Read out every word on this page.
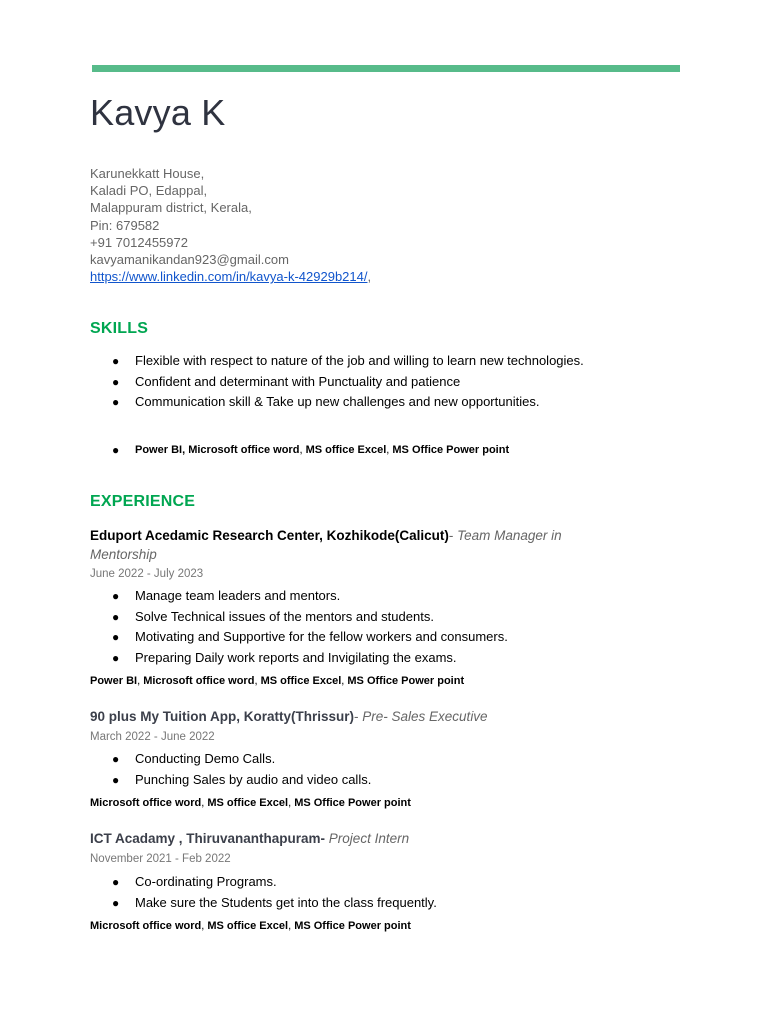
Kavya K
Karunekkatt House,
Kaladi PO, Edappal,
Malappuram district, Kerala,
Pin: 679582
+91 7012455972
kavyamanikandan923@gmail.com
https://www.linkedin.com/in/kavya-k-42929b214/,
SKILLS
● Flexible with respect to nature of the job and willing to learn new technologies.
● Confident and determinant with Punctuality and patience
● Communication skill & Take up new challenges and new opportunities.
● Power BI, Microsoft office word, MS office Excel, MS Office Power point
EXPERIENCE
Eduport Acedamic Research Center, Kozhikode(Calicut)- Team Manager in Mentorship
June 2022 - July 2023
● Manage team leaders and mentors.
● Solve Technical issues of the mentors and students.
● Motivating and Supportive for the fellow workers and consumers.
● Preparing Daily work reports and Invigilating the exams.
Power BI, Microsoft office word, MS office Excel, MS Office Power point
90 plus My Tuition App, Koratty(Thrissur)- Pre- Sales Executive
March 2022 - June 2022
● Conducting Demo Calls.
● Punching Sales by audio and video calls.
Microsoft office word, MS office Excel, MS Office Power point
ICT Acadamy , Thiruvananthapuram- Project Intern
November 2021 - Feb 2022
● Co-ordinating Programs.
● Make sure the Students get into the class frequently.
Microsoft office word, MS office Excel, MS Office Power point
